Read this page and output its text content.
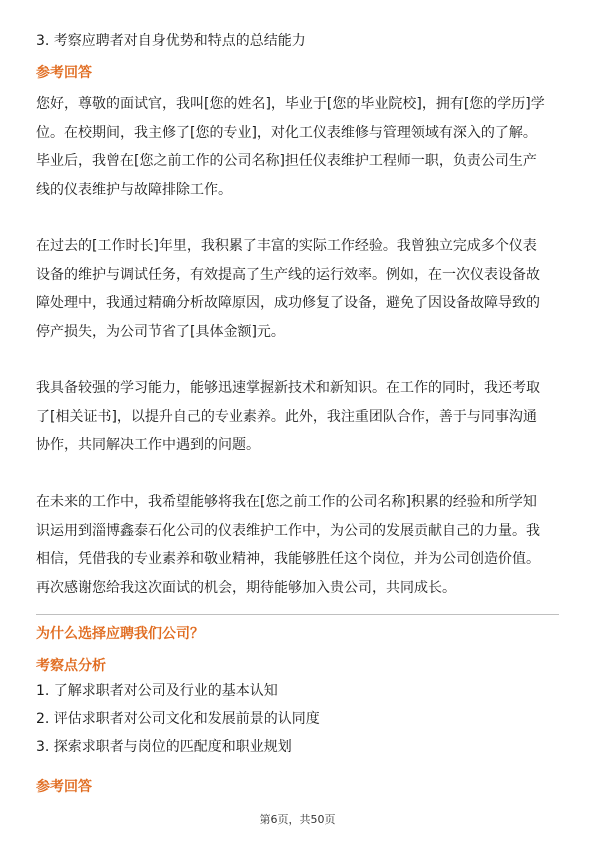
3. 考察应聘者对自身优势和特点的总结能力

参考回答

您好，尊敬的面试官，我叫[您的姓名]，毕业于[您的毕业院校]，拥有[您的学历]学

位。在校期间，我主修了[您的专业]，对化工仪表维修与管理领域有深入的了解。

毕业后，我曾在[您之前工作的公司名称]担任仪表维护工程师一职，负责公司生产

线的仪表维护与故障排除工作。

在过去的[工作时长]年里，我积累了丰富的实际工作经验。我曾独立完成多个仪表

设备的维护与调试任务，有效提高了生产线的运行效率。例如，在一次仪表设备故

障处理中，我通过精确分析故障原因，成功修复了设备，避免了因设备故障导致的

停产损失，为公司节省了[具体金额]元。

我具备较强的学习能力，能够迅速掌握新技术和新知识。在工作的同时，我还考取

了[相关证书]，以提升自己的专业素养。此外，我注重团队合作，善于与同事沟通

协作，共同解决工作中遇到的问题。

在未来的工作中，我希望能够将我在[您之前工作的公司名称]积累的经验和所学知

识运用到淄博鑫泰石化公司的仪表维护工作中，为公司的发展贡献自己的力量。我

相信，凭借我的专业素养和敬业精神，我能够胜任这个岗位，并为公司创造价值。

再次感谢您给我这次面试的机会，期待能够加入贵公司，共同成长。

为什么选择应聘我们公司？

考察点分析

1. 了解求职者对公司及行业的基本认知
2. 评估求职者对公司文化和发展前景的认同度
3. 探索求职者与岗位的匹配度和职业规划

参考回答

第6页，共50页
